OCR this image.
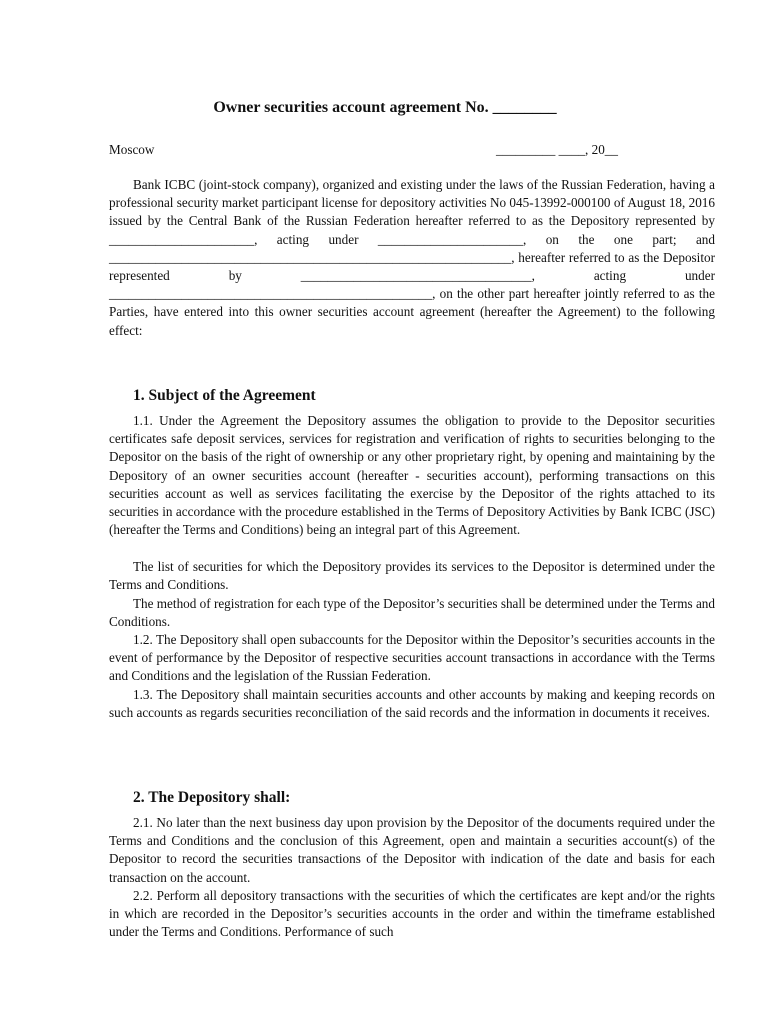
Owner securities account agreement No. ________
Moscow	_________ ____, 20__

Bank ICBC (joint-stock company), organized and existing under the laws of the Russian Federation, having a professional security market participant license for depository activities No 045-13992-000100 of August 18, 2016 issued by the Central Bank of the Russian Federation hereafter referred to as the Depository represented by ______________________, acting under ______________________, on the one part; and _____________________________________________________________, hereafter referred to as the Depositor represented by ___________________________________, acting under _________________________________________________, on the other part hereafter jointly referred to as the Parties, have entered into this owner securities account agreement (hereafter the Agreement) to the following effect:

1. Subject of the Agreement

1.1. Under the Agreement the Depository assumes the obligation to provide to the Depositor securities certificates safe deposit services, services for registration and verification of rights to securities belonging to the Depositor on the basis of the right of ownership or any other proprietary right, by opening and maintaining by the Depository of an owner securities account (hereafter - securities account), performing transactions on this securities account as well as services facilitating the exercise by the Depositor of the rights attached to its securities in accordance with the procedure established in the Terms of Depository Activities by Bank ICBC (JSC) (hereafter the Terms and Conditions) being an integral part of this Agreement.

The list of securities for which the Depository provides its services to the Depositor is determined under the Terms and Conditions.

The method of registration for each type of the Depositor’s securities shall be determined under the Terms and Conditions.

1.2. The Depository shall open subaccounts for the Depositor within the Depositor’s securities accounts in the event of performance by the Depositor of respective securities account transactions in accordance with the Terms and Conditions and the legislation of the Russian Federation.

1.3. The Depository shall maintain securities accounts and other accounts by making and keeping records on such accounts as regards securities reconciliation of the said records and the information in documents it receives.

2. The Depository shall:

2.1. No later than the next business day upon provision by the Depositor of the documents required under the Terms and Conditions and the conclusion of this Agreement, open and maintain a securities account(s) of the Depositor to record the securities transactions of the Depositor with indication of the date and basis for each transaction on the account.

2.2. Perform all depository transactions with the securities of which the certificates are kept and/or the rights in which are recorded in the Depositor’s securities accounts in the order and within the timeframe established under the Terms and Conditions. Performance of such
